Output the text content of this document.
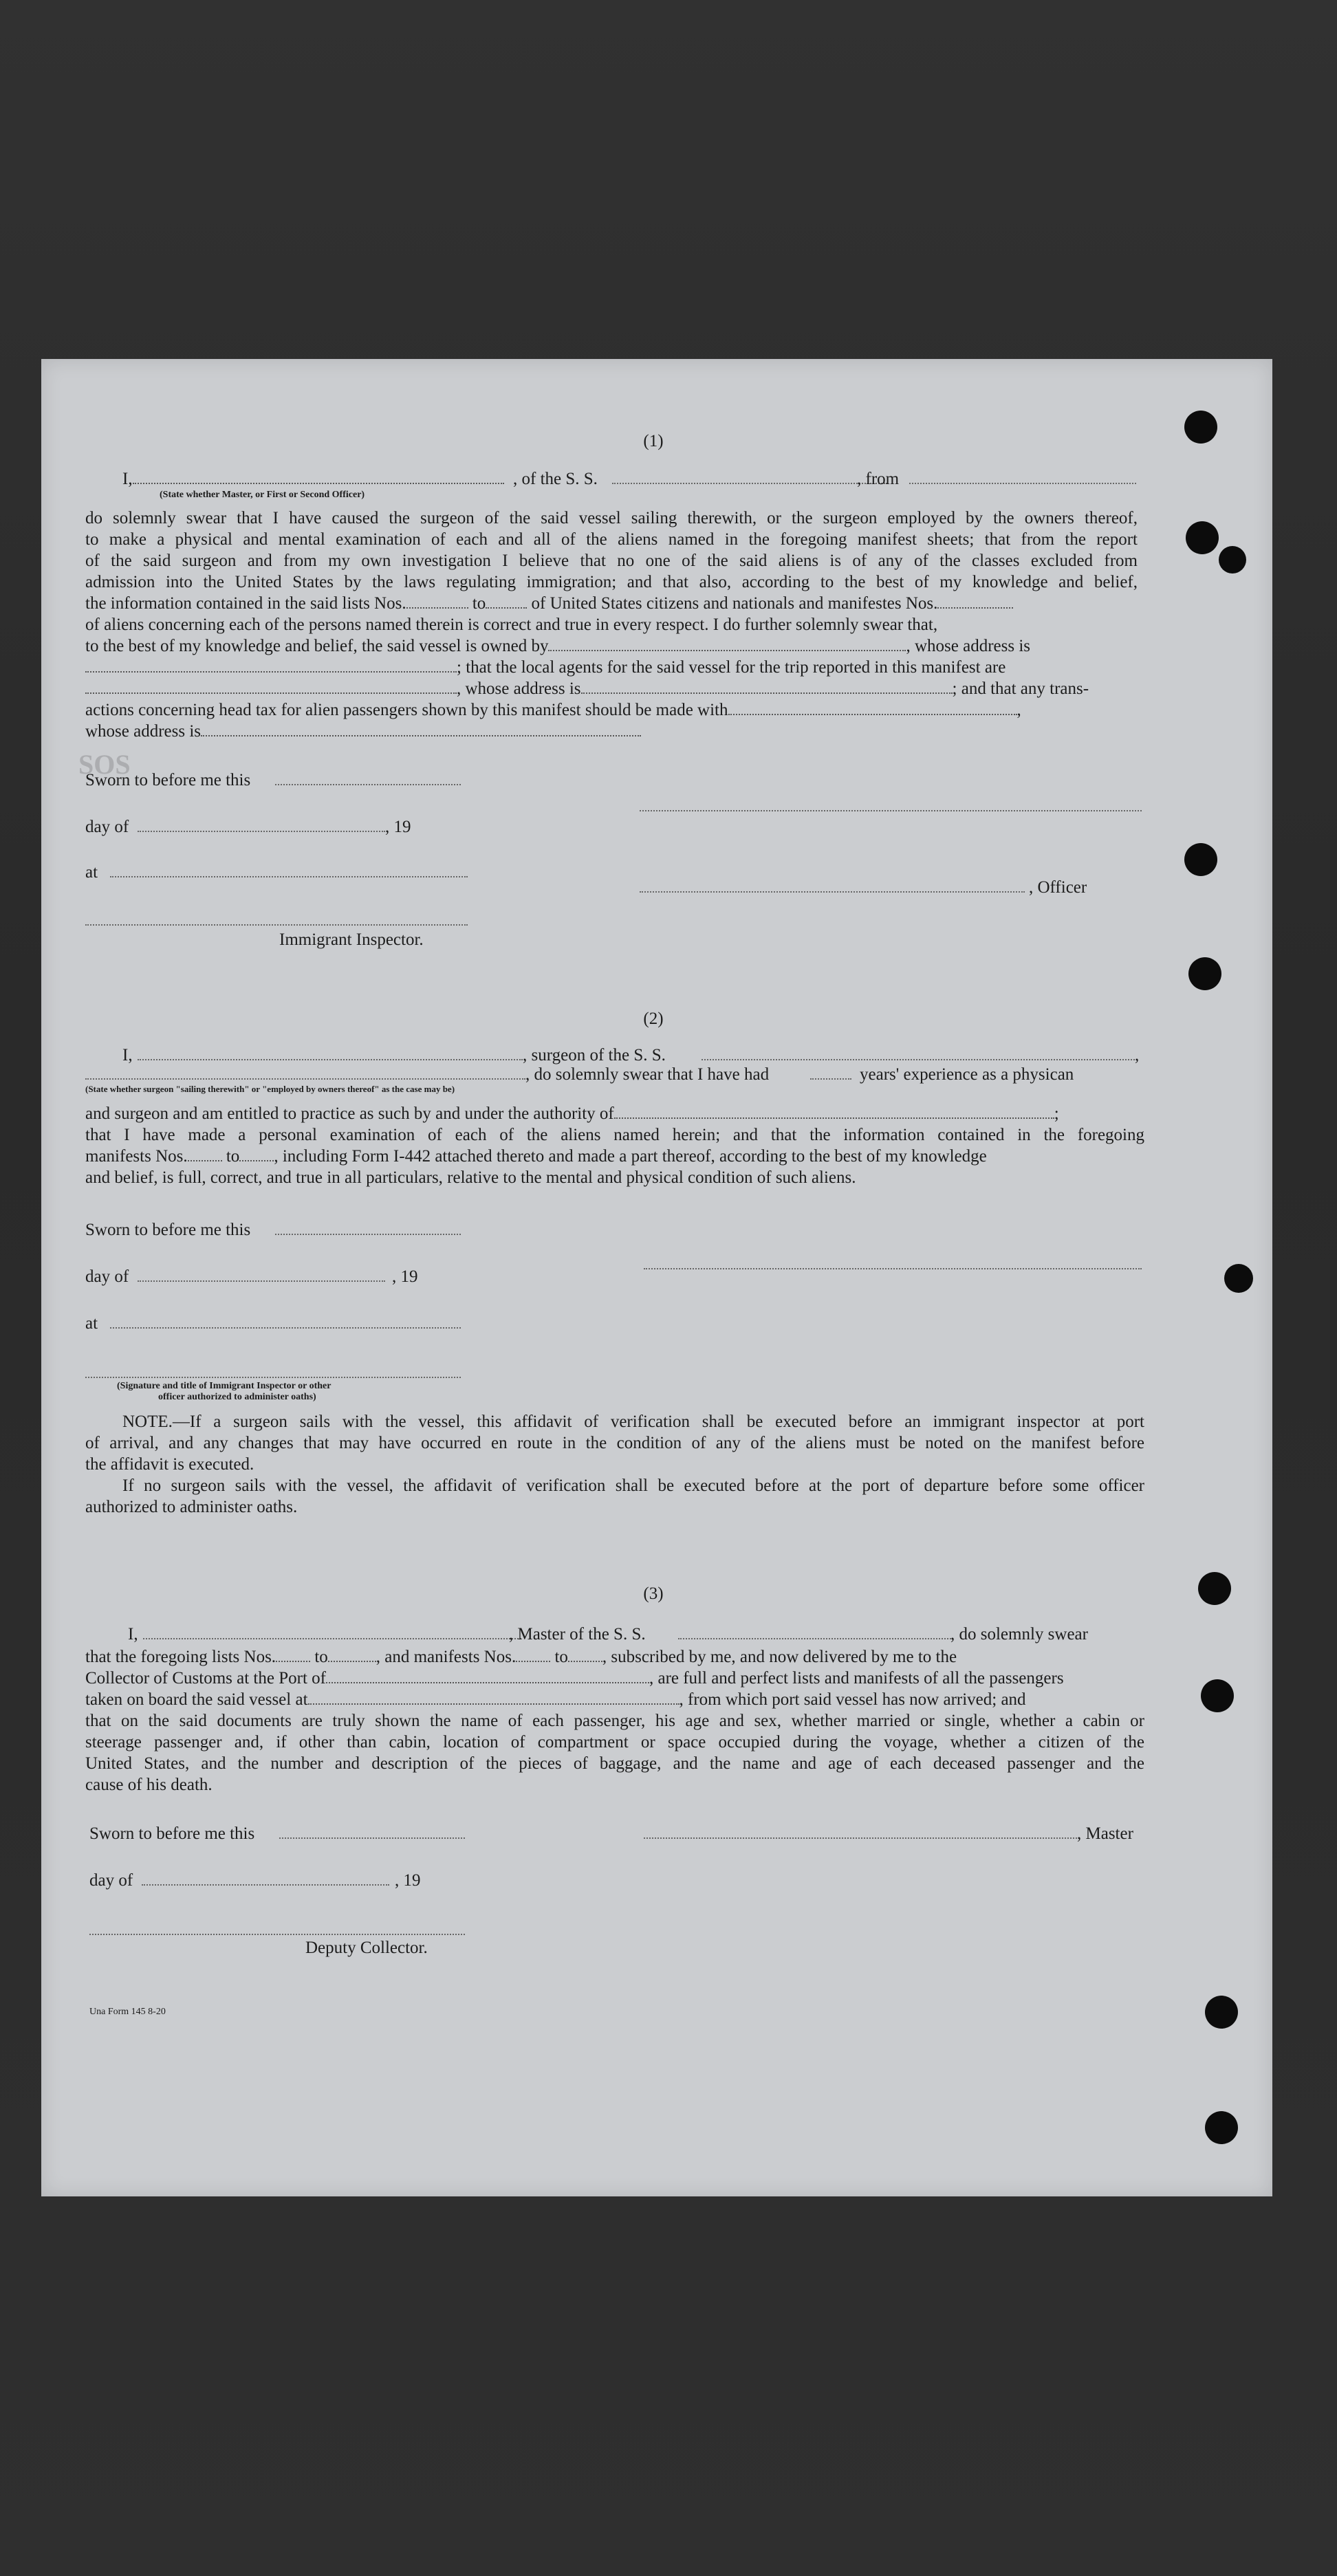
SOS
(1)
I,	, of the S. S.	, from
(State whether Master, or First or Second Officer)

do solemnly swear that I have caused the surgeon of the said vessel sailing therewith, or the surgeon employed by the owners thereof,

to make a physical and mental examination of each and all of the aliens named in the foregoing manifest sheets; that from the report

of the said surgeon and from my own investigation I believe that no one of the said aliens is of any of the classes excluded from

admission into the United States by the laws regulating immigration; and that also, according to the best of my knowledge and belief,

the information contained in the said lists Nos.	to	of United States citizens and nationals and manifestes Nos.

of aliens concerning each of the persons named therein is correct and true in every respect. I do further solemnly swear that,

to the best of my knowledge and belief, the said vessel is owned by	, whose address is

; that the local agents for the said vessel for the trip reported in this manifest are

, whose address is	; and that any trans-

actions concerning head tax for alien passengers shown by this manifest should be made with	,

whose address is

Sworn to before me this
day of	, 19
at
, Officer
Immigrant Inspector.
(2)
I,	, surgeon of the S. S.	,
, do solemnly swear that I have had	years' experience as a physican
(State whether surgeon "sailing therewith" or "employed by owners thereof" as the case may be)

and surgeon and am entitled to practice as such by and under the authority of	;

that I have made a personal examination of each of the aliens named herein; and that the information contained in the foregoing

manifests Nos. to , including Form I-442 attached thereto and made a part thereof, according to the best of my knowledge

and belief, is full, correct, and true in all particulars, relative to the mental and physical condition of such aliens.

Sworn to before me this
day of	, 19
at
(Signature and title of Immigrant Inspector or other
officer authorized to administer oaths)

NOTE.—If a surgeon sails with the vessel, this affidavit of verification shall be executed before an immigrant inspector at port

of arrival, and any changes that may have occurred en route in the condition of any of the aliens must be noted on the manifest before

the affidavit is executed.

If no surgeon sails with the vessel, the affidavit of verification shall be executed before at the port of departure before some officer

authorized to administer oaths.

(3)
I,	, Master of the S. S.	, do solemnly swear

that the foregoing lists Nos. to	, and manifests Nos. to , subscribed by me, and now delivered by me to the

Collector of Customs at the Port of	, are full and perfect lists and manifests of all the passengers

taken on board the said vessel at	, from which port said vessel has now arrived; and

that on the said documents are truly shown the name of each passenger, his age and sex, whether married or single, whether a cabin or

steerage passenger and, if other than cabin, location of compartment or space occupied during the voyage, whether a citizen of the

United States, and the number and description of the pieces of baggage, and the name and age of each deceased passenger and the

cause of his death.

Sworn to before me this	, Master
day of	, 19
Deputy Collector.
Una Form 145 8-20
